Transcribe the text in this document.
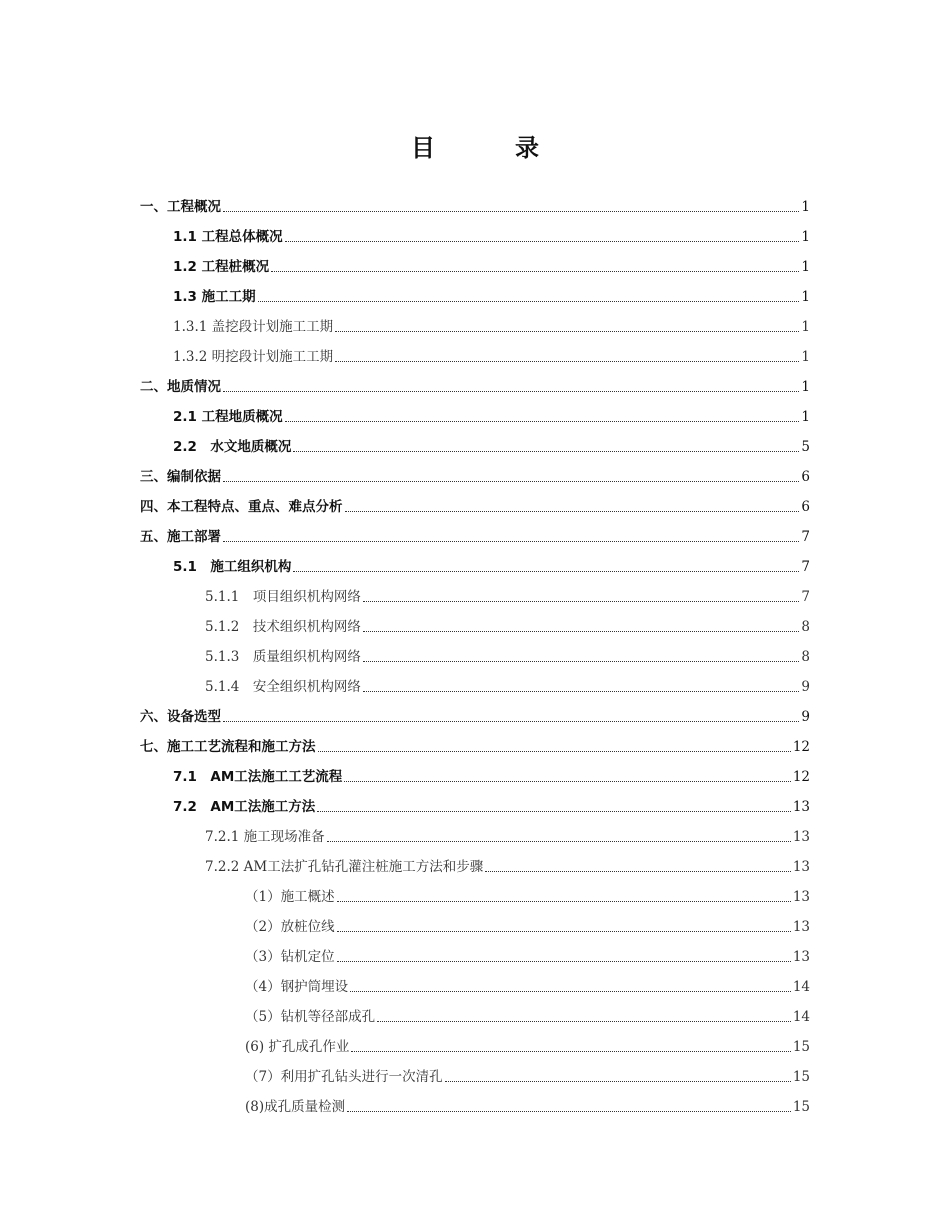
目　录
一、工程概况	1
1.1 工程总体概况	1
1.2 工程桩概况	1
1.3 施工工期	1
1.3.1 盖挖段计划施工工期	1
1.3.2 明挖段计划施工工期	1
二、地质情况	1
2.1 工程地质概况	1
2.2　水文地质概况	5
三、编制依据	6
四、本工程特点、重点、难点分析	6
五、施工部署	7
5.1　施工组织机构	7
5.1.1　项目组织机构网络	7
5.1.2　技术组织机构网络	8
5.1.3　质量组织机构网络	8
5.1.4　安全组织机构网络	9
六、设备选型	9
七、施工工艺流程和施工方法	12
7.1　AM工法施工工艺流程	12
7.2　AM工法施工方法	13
7.2.1 施工现场准备	13
7.2.2 AM工法扩孔钻孔灌注桩施工方法和步骤	13
（1）施工概述	13
（2）放桩位线	13
（3）钻机定位	13
（4）钢护筒埋设	14
（5）钻机等径部成孔	14
(6) 扩孔成孔作业	15
（7）利用扩孔钻头进行一次清孔	15
(8)成孔质量检测	15
